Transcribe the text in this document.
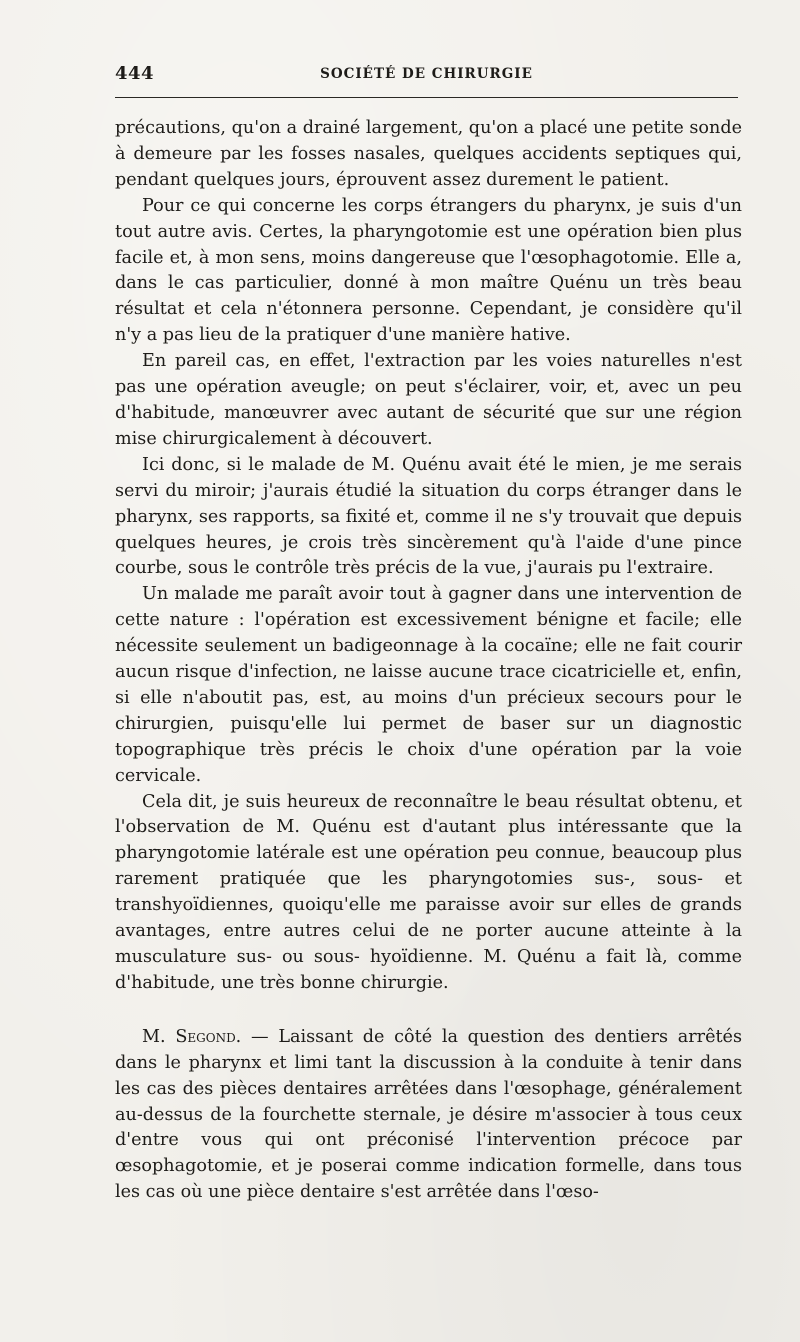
444	SOCIÉTÉ DE CHIRURGIE

précautions, qu'on a drainé largement, qu'on a placé une petite sonde à demeure par les fosses nasales, quelques accidents septiques qui, pendant quelques jours, éprouvent assez durement le patient.

Pour ce qui concerne les corps étrangers du pharynx, je suis d'un tout autre avis. Certes, la pharyngotomie est une opération bien plus facile et, à mon sens, moins dangereuse que l'œsophagotomie. Elle a, dans le cas particulier, donné à mon maître Quénu un très beau résultat et cela n'étonnera personne. Cependant, je considère qu'il n'y a pas lieu de la pratiquer d'une manière hative.

En pareil cas, en effet, l'extraction par les voies naturelles n'est pas une opération aveugle; on peut s'éclairer, voir, et, avec un peu d'habitude, manœuvrer avec autant de sécurité que sur une région mise chirurgicalement à découvert.

Ici donc, si le malade de M. Quénu avait été le mien, je me serais servi du miroir; j'aurais étudié la situation du corps étranger dans le pharynx, ses rapports, sa fixité et, comme il ne s'y trouvait que depuis quelques heures, je crois très sincèrement qu'à l'aide d'une pince courbe, sous le contrôle très précis de la vue, j'aurais pu l'extraire.

Un malade me paraît avoir tout à gagner dans une intervention de cette nature : l'opération est excessivement bénigne et facile; elle nécessite seulement un badigeonnage à la cocaïne; elle ne fait courir aucun risque d'infection, ne laisse aucune trace cicatricielle et, enfin, si elle n'aboutit pas, est, au moins d'un précieux secours pour le chirurgien, puisqu'elle lui permet de baser sur un diagnostic topographique très précis le choix d'une opération par la voie cervicale.

Cela dit, je suis heureux de reconnaître le beau résultat obtenu, et l'observation de M. Quénu est d'autant plus intéressante que la pharyngotomie latérale est une opération peu connue, beaucoup plus rarement pratiquée que les pharyngotomies sus-, sous- et transhyoïdiennes, quoiqu'elle me paraisse avoir sur elles de grands avantages, entre autres celui de ne porter aucune atteinte à la musculature sus- ou sous- hyoïdienne. M. Quénu a fait là, comme d'habitude, une très bonne chirurgie.

M. Segond. — Laissant de côté la question des dentiers arrêtés dans le pharynx et limi tant la discussion à la conduite à tenir dans les cas des pièces dentaires arrêtées dans l'œsophage, généralement au-dessus de la fourchette sternale, je désire m'associer à tous ceux d'entre vous qui ont préconisé l'intervention précoce par œsophagotomie, et je poserai comme indication formelle, dans tous les cas où une pièce dentaire s'est arrêtée dans l'œso-
